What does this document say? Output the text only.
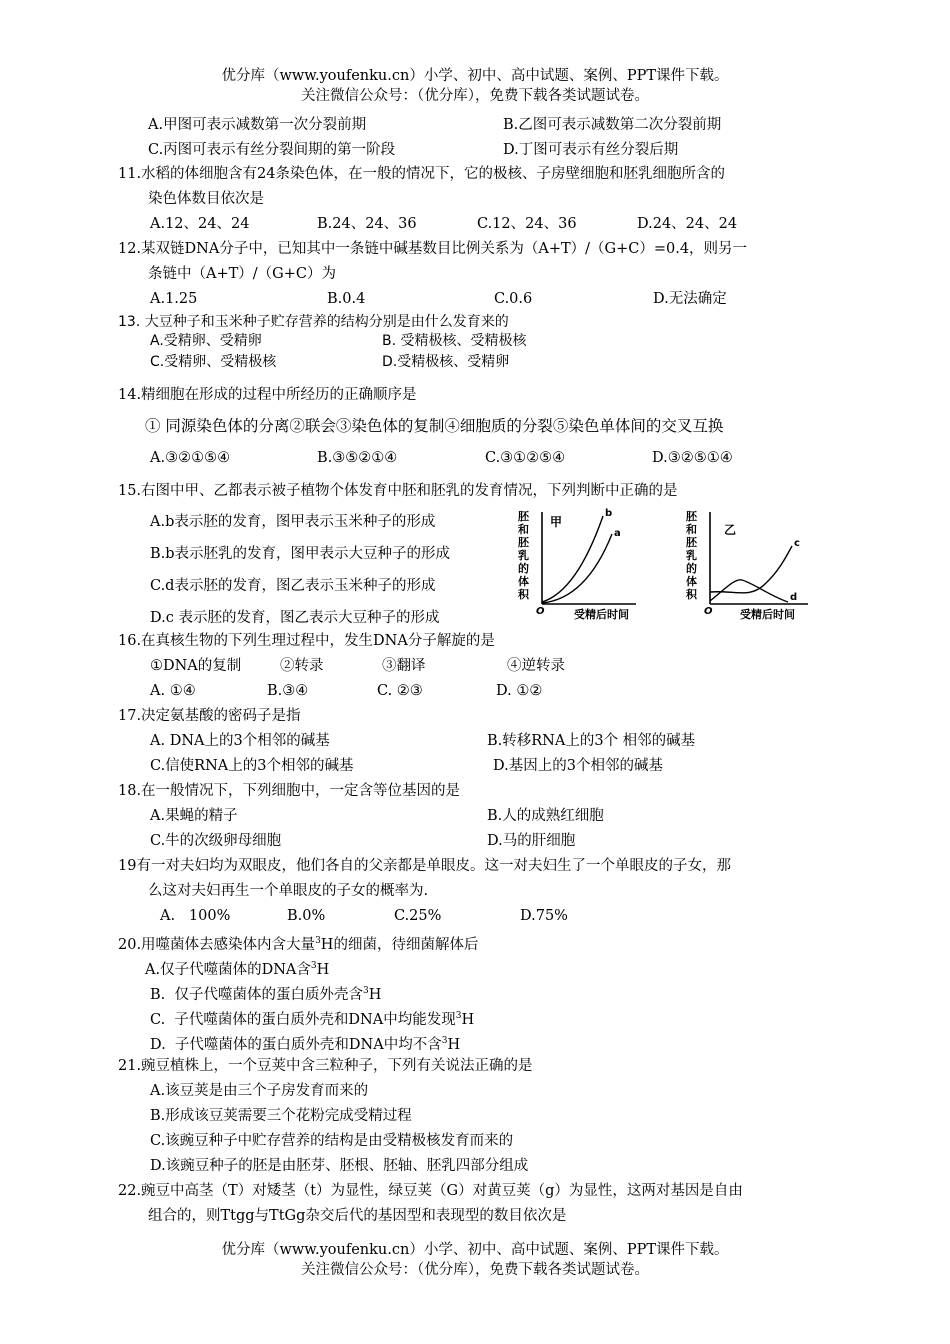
优分库（www.youfenku.cn）小学、初中、高中试题、案例、PPT课件下载。
关注微信公众号：（优分库），免费下载各类试题试卷。
A.甲图可表示减数第一次分裂前期	B.乙图可表示减数第二次分裂前期
C.丙图可表示有丝分裂间期的第一阶段	D.丁图可表示有丝分裂后期
11.水稻的体细胞含有24条染色体，在一般的情况下，它的极核、子房壁细胞和胚乳细胞所含的
染色体数目依次是
A.12、24、24	B.24、24、36	C.12、24、36	D.24、24、24
12.某双链DNA分子中，已知其中一条链中碱基数目比例关系为（A+T）/（G+C）=0.4，则另一
条链中（A+T）/（G+C）为
A.1.25	B.0.4	C.0.6	D.无法确定
13. 大豆种子和玉米种子贮存营养的结构分别是由什么发育来的
A.受精卵、受精卵	B. 受精极核、受精极核
C.受精卵、受精极核	D.受精极核、受精卵
14.精细胞在形成的过程中所经历的正确顺序是
① 同源染色体的分离②联会③染色体的复制④细胞质的分裂⑤染色单体间的交叉互换
A.③②①⑤④	B.③⑤②①④	C.③①②⑤④	D.③②⑤①④
15.右图中甲、乙都表示被子植物个体发育中胚和胚乳的发育情况，下列判断中正确的是
A.b表示胚的发育，图甲表示玉米种子的形成
B.b表示胚乳的发育，图甲表示大豆种子的形成
C.d表示胚的发育，图乙表示玉米种子的形成
D.c 表示胚的发育，图乙表示大豆种子的形成
胚
和
胚
乳
的
体
积
甲
b
a
O	受精后时间
胚
和
胚
乳
的
体
积
乙
c
d
O 受精后时间
16.在真核生物的下列生理过程中，发生DNA分子解旋的是
①DNA的复制	②转录	③翻译	④逆转录
A. ①④	B.③④	C. ②③	D. ①②
17.决定氨基酸的密码子是指
A. DNA上的3个相邻的碱基	B.转移RNA上的3个 相邻的碱基
C.信使RNA上的3个相邻的碱基	D.基因上的3个相邻的碱基
18.在一般情况下，下列细胞中，一定含等位基因的是
A.果蝇的精子	B.人的成熟红细胞
C.牛的次级卵母细胞	D.马的肝细胞
19有一对夫妇均为双眼皮，他们各自的父亲都是单眼皮。这一对夫妇生了一个单眼皮的子女，那
么这对夫妇再生一个单眼皮的子女的概率为.
A.   100%	B.0%	C.25%	D.75%
20.用噬菌体去感染体内含大量$^3$H的细菌，待细菌解体后
A.仅子代噬菌体的DNA含$^3$H
B.  仅子代噬菌体的蛋白质外壳含$^3$H
C.  子代噬菌体的蛋白质外壳和DNA中均能发现$^3$H
D.  子代噬菌体的蛋白质外壳和DNA中均不含$^3$H
21.豌豆植株上，一个豆荚中含三粒种子，下列有关说法正确的是
A.该豆荚是由三个子房发育而来的
B.形成该豆荚需要三个花粉完成受精过程
C.该豌豆种子中贮存营养的结构是由受精极核发育而来的
D.该豌豆种子的胚是由胚芽、胚根、胚轴、胚乳四部分组成
22.豌豆中高茎（T）对矮茎（t）为显性，绿豆荚（G）对黄豆荚（g）为显性，这两对基因是自由
组合的，则Ttgg与TtGg杂交后代的基因型和表现型的数目依次是
优分库（www.youfenku.cn）小学、初中、高中试题、案例、PPT课件下载。
关注微信公众号：（优分库），免费下载各类试题试卷。
